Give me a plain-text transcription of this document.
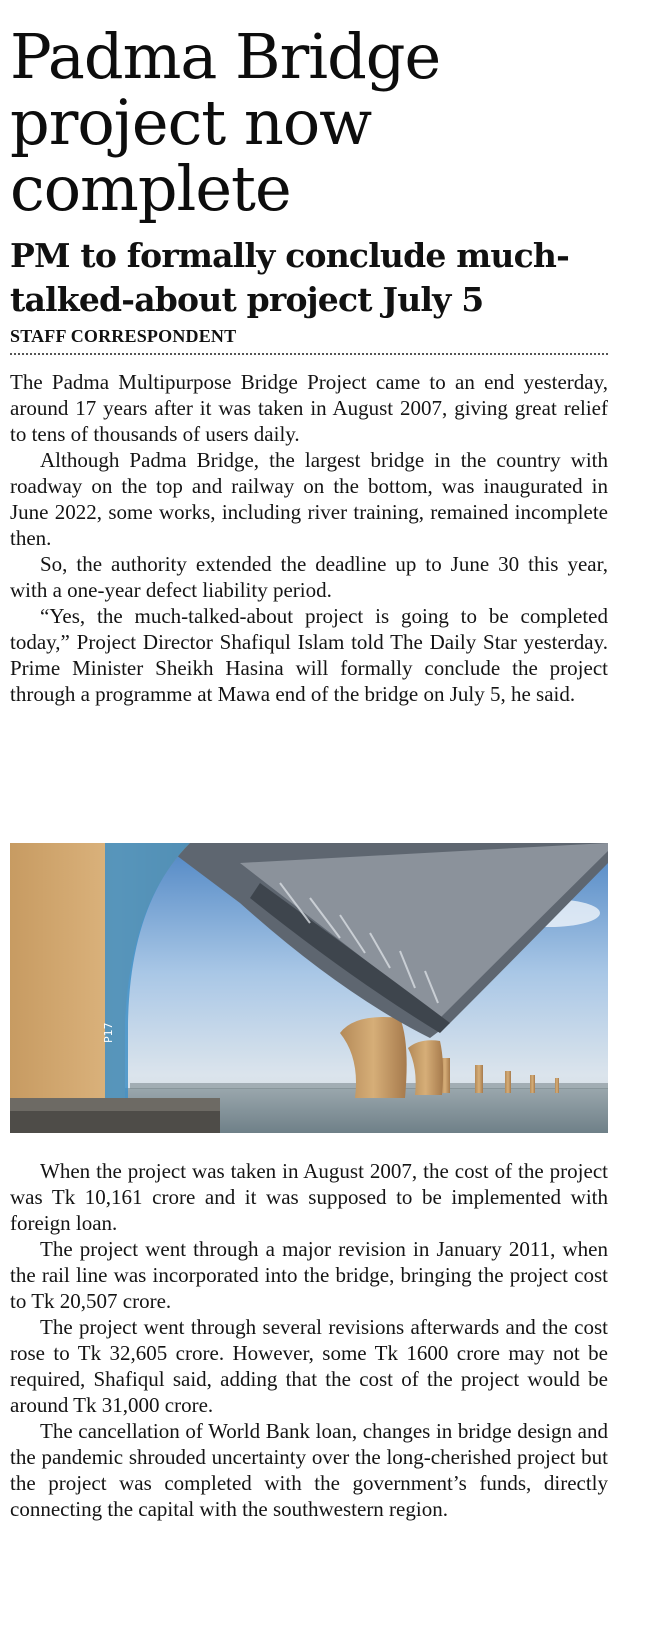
Padma Bridge
project now
complete
PM to formally conclude much-
talked-about project July 5
STAFF CORRESPONDENT

The Padma Multipurpose Bridge Project came to an end yesterday, around 17 years after it was taken in August 2007, giving great relief to tens of thousands of users daily.

Although Padma Bridge, the largest bridge in the country with roadway on the top and railway on the bottom, was inaugurated in June 2022, some works, including river training, remained incomplete then.

So, the authority extended the deadline up to June 30 this year, with a one-year defect liability period.

“Yes, the much-talked-about project is going to be completed today,” Project Director Shafiqul Islam told The Daily Star yesterday. Prime Minister Sheikh Hasina will formally conclude the project through a programme at Mawa end of the bridge on July 5, he said.

P17

When the project was taken in August 2007, the cost of the project was Tk 10,161 crore and it was supposed to be implemented with foreign loan.

The project went through a major revision in January 2011, when the rail line was incorporated into the bridge, bringing the project cost to Tk 20,507 crore.

The project went through several revisions afterwards and the cost rose to Tk 32,605 crore. However, some Tk 1600 crore may not be required, Shafiqul said, adding that the cost of the project would be around Tk 31,000 crore.

The cancellation of World Bank loan, changes in bridge design and the pandemic shrouded uncertainty over the long-cherished project but the project was completed with the government’s funds, directly connecting the capital with the southwestern region.
